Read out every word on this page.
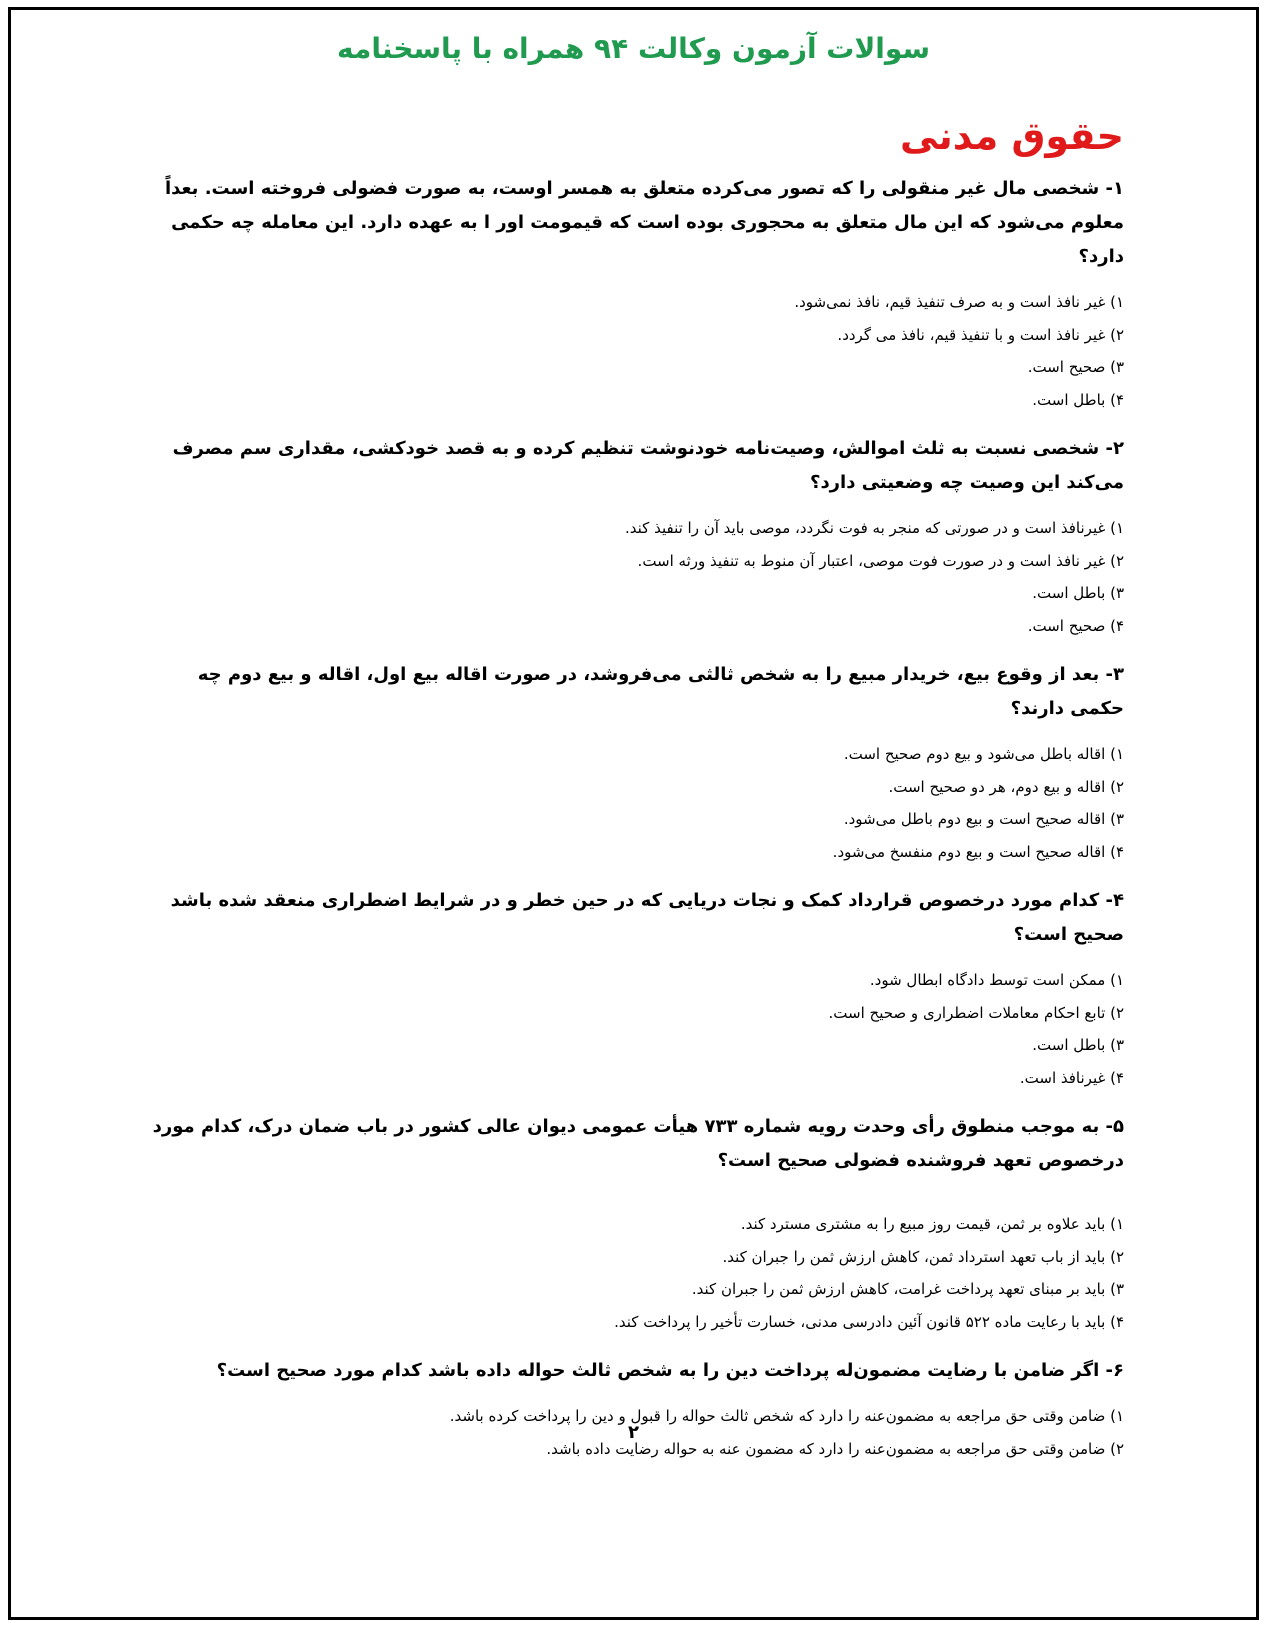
سوالات آزمون وکالت ۹۴ همراه با پاسخنامه
حقوق مدنی
۱- شخصی مال غیر منقولی را که تصور می‌کرده متعلق به همسر اوست، به صورت فضولی فروخته است. بعداً معلوم می‌شود که این مال متعلق به محجوری بوده است که قیمومت اور ا به عهده دارد. این معامله چه حکمی دارد؟
۱) غیر نافذ است و به صرف تنفیذ قیم، نافذ نمی‌شود.
۲) غیر نافذ است و با تنفیذ قیم، نافذ می گردد.
۳) صحیح است.
۴) باطل است.
۲- شخصی نسبت به ثلث اموالش، وصیت‌نامه خودنوشت تنظیم کرده و به قصد خودکشی، مقداری سم مصرف می‌کند این وصیت چه وضعیتی دارد؟
۱) غیرنافذ است و در صورتی که منجر به فوت نگردد، موصی باید آن را تنفیذ کند.
۲) غیر نافذ است و در صورت فوت موصی، اعتبار آن منوط به تنفیذ ورثه است.
۳) باطل است.
۴) صحیح است.
۳- بعد از وقوع بیع، خریدار مبیع را به شخص ثالثی می‌فروشد، در صورت اقاله بیع اول، اقاله و بیع دوم چه حکمی دارند؟
۱) اقاله باطل می‌شود و بیع دوم صحیح است.
۲) اقاله و بیع دوم، هر دو صحیح است.
۳) اقاله صحیح است و بیع دوم باطل می‌شود.
۴) اقاله صحیح است و بیع دوم منفسخ می‌شود.
۴- کدام مورد درخصوص قرارداد کمک و نجات دریایی که در حین خطر و در شرایط اضطراری منعقد شده باشد صحیح است؟
۱) ممکن است توسط دادگاه ابطال شود.
۲) تابع احکام معاملات اضطراری و صحیح است.
۳) باطل است.
۴) غیرنافذ است.
۵- به موجب منطوق رأی وحدت رویه شماره ۷۳۳ هیأت عمومی دیوان عالی کشور در باب ضمان درک، کدام مورد درخصوص تعهد فروشنده فضولی صحیح است؟
۱) باید علاوه بر ثمن، قیمت روز مبیع را به مشتری مسترد کند.
۲) باید از باب تعهد استرداد ثمن، کاهش ارزش ثمن را جبران کند.
۳) باید بر مبنای تعهد پرداخت غرامت، کاهش ارزش ثمن را جبران کند.
۴) باید با رعایت ماده ۵۲۲ قانون آئین دادرسی مدنی، خسارت تأخیر را پرداخت کند.
۶- اگر ضامن با رضایت مضمون‌له پرداخت دین را به شخص ثالث حواله داده باشد کدام مورد صحیح است؟
۱) ضامن وقتی حق مراجعه به مضمون‌عنه را دارد که شخص ثالث حواله را قبول و دین را پرداخت کرده باشد.
۲) ضامن وقتی حق مراجعه به مضمون‌عنه را دارد که مضمون عنه به حواله رضایت داده باشد.
۲
